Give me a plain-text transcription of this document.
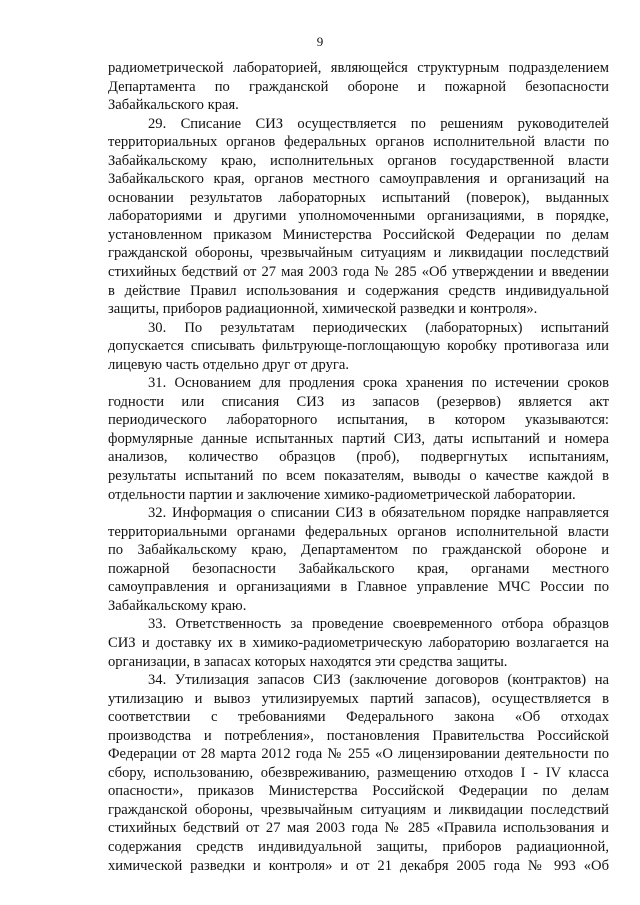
9
радиометрической лабораторией, являющейся структурным подразделением
Департамента по гражданской обороне и пожарной безопасности
Забайкальского края.
29. Списание СИЗ осуществляется по решениям руководителей
территориальных органов федеральных органов исполнительной власти по
Забайкальскому краю, исполнительных органов государственной власти
Забайкальского края, органов местного самоуправления и организаций на
основании результатов лабораторных испытаний (поверок), выданных
лабораториями и другими уполномоченными организациями, в порядке,
установленном приказом Министерства Российской Федерации по делам
гражданской обороны, чрезвычайным ситуациям и ликвидации последствий
стихийных бедствий от 27 мая 2003 года № 285 «Об утверждении и введении
в действие Правил использования и содержания средств индивидуальной
защиты, приборов радиационной, химической разведки и контроля».
30. По результатам периодических (лабораторных) испытаний
допускается списывать фильтрующе-поглощающую коробку противогаза или
лицевую часть отдельно друг от друга.
31. Основанием для продления срока хранения по истечении сроков
годности или списания СИЗ из запасов (резервов) является акт
периодического лабораторного испытания, в котором указываются:
формулярные данные испытанных партий СИЗ, даты испытаний и номера
анализов, количество образцов (проб), подвергнутых испытаниям,
результаты испытаний по всем показателям, выводы о качестве каждой в
отдельности партии и заключение химико-радиометрической лаборатории.
32. Информация о списании СИЗ в обязательном порядке направляется
территориальными органами федеральных органов исполнительной власти
по Забайкальскому краю, Департаментом по гражданской обороне и
пожарной безопасности Забайкальского края, органами местного
самоуправления и организациями в Главное управление МЧС России по
Забайкальскому краю.
33. Ответственность за проведение своевременного отбора образцов
СИЗ и доставку их в химико-радиометрическую лабораторию возлагается на
организации, в запасах которых находятся эти средства защиты.
34. Утилизация запасов СИЗ (заключение договоров (контрактов) на
утилизацию и вывоз утилизируемых партий запасов), осуществляется в
соответствии с требованиями Федерального закона «Об отходах
производства и потребления», постановления Правительства Российской
Федерации от 28 марта 2012 года № 255 «О лицензировании деятельности по
сбору, использованию, обезвреживанию, размещению отходов I - IV класса
опасности», приказов Министерства Российской Федерации по делам
гражданской обороны, чрезвычайным ситуациям и ликвидации последствий
стихийных бедствий от 27 мая 2003 года № 285 «Правила использования и
содержания средств индивидуальной защиты, приборов радиационной,
химической разведки и контроля» и от 21 декабря 2005 года № 993 «Об
